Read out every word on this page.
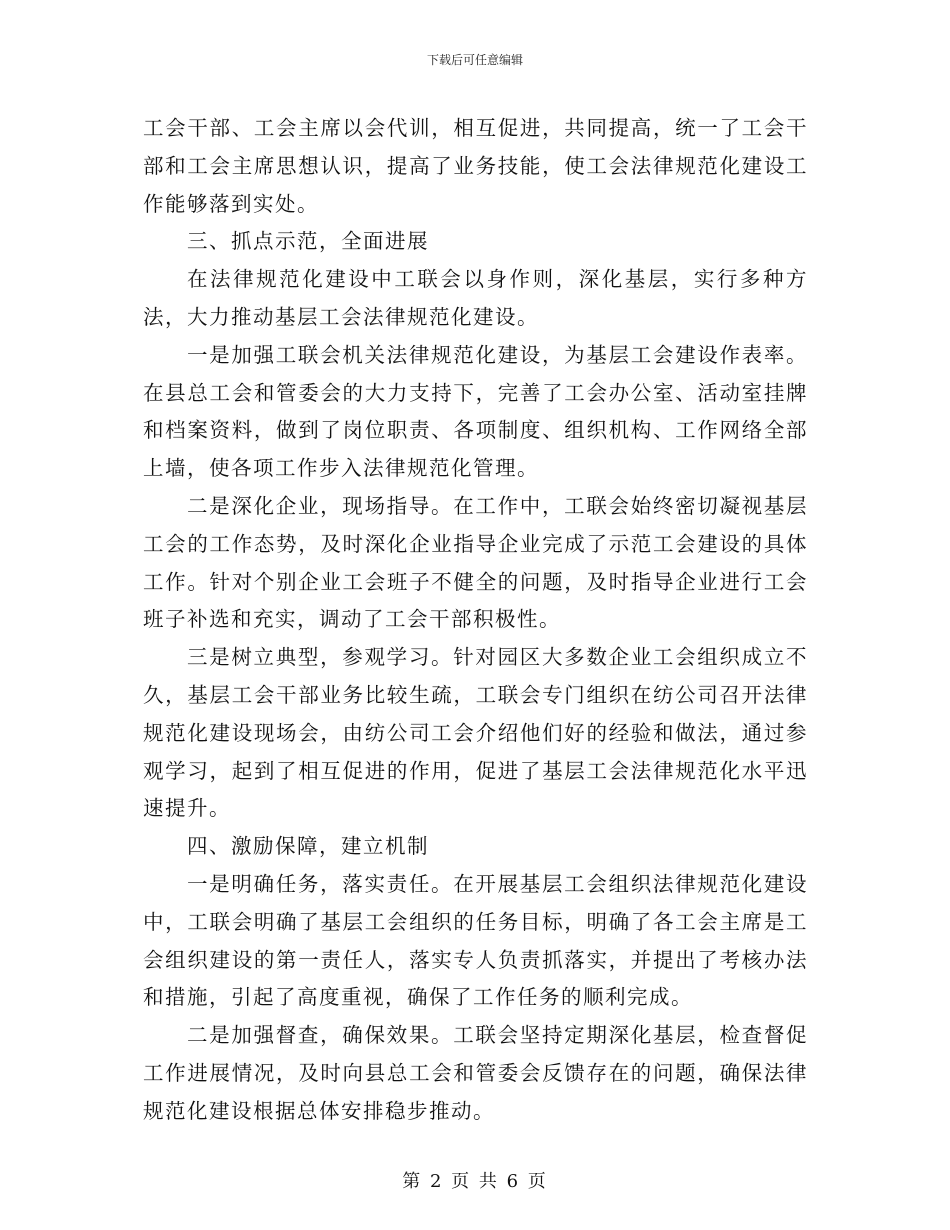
下载后可任意编辑

工会干部、工会主席以会代训，相互促进，共同提高，统一了工会干部和工会主席思想认识，提高了业务技能，使工会法律规范化建设工作能够落到实处。

三、抓点示范，全面进展

在法律规范化建设中工联会以身作则，深化基层，实行多种方法，大力推动基层工会法律规范化建设。

一是加强工联会机关法律规范化建设，为基层工会建设作表率。在县总工会和管委会的大力支持下，完善了工会办公室、活动室挂牌和档案资料，做到了岗位职责、各项制度、组织机构、工作网络全部上墙，使各项工作步入法律规范化管理。

二是深化企业，现场指导。在工作中，工联会始终密切凝视基层工会的工作态势，及时深化企业指导企业完成了示范工会建设的具体工作。针对个别企业工会班子不健全的问题，及时指导企业进行工会班子补选和充实，调动了工会干部积极性。

三是树立典型，参观学习。针对园区大多数企业工会组织成立不久，基层工会干部业务比较生疏，工联会专门组织在纺公司召开法律规范化建设现场会，由纺公司工会介绍他们好的经验和做法，通过参观学习，起到了相互促进的作用，促进了基层工会法律规范化水平迅速提升。

四、激励保障，建立机制

一是明确任务，落实责任。在开展基层工会组织法律规范化建设中，工联会明确了基层工会组织的任务目标，明确了各工会主席是工会组织建设的第一责任人，落实专人负责抓落实，并提出了考核办法和措施，引起了高度重视，确保了工作任务的顺利完成。

二是加强督查，确保效果。工联会坚持定期深化基层，检查督促工作进展情况，及时向县总工会和管委会反馈存在的问题，确保法律规范化建设根据总体安排稳步推动。

第 2 页 共 6 页
